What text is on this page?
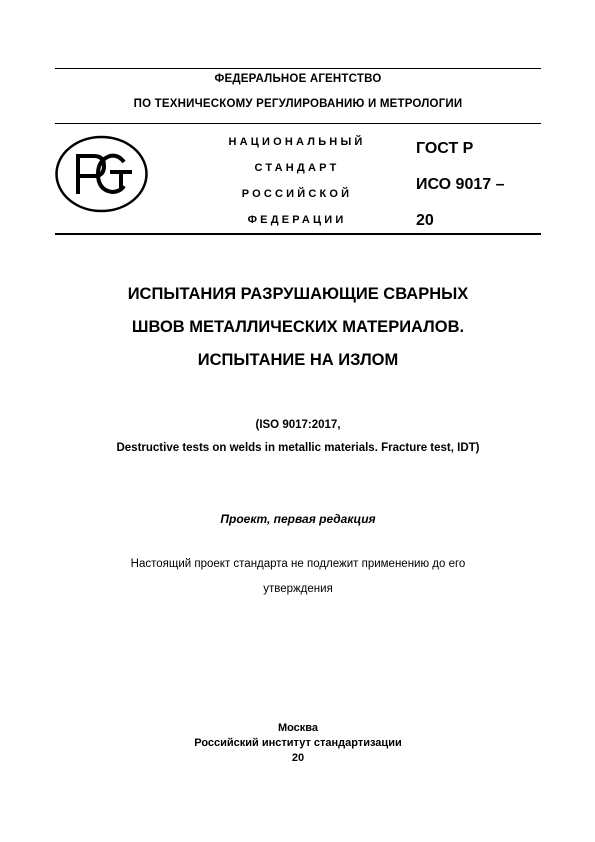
ФЕДЕРАЛЬНОЕ АГЕНТСТВО
ПО ТЕХНИЧЕСКОМУ РЕГУЛИРОВАНИЮ И МЕТРОЛОГИИ
НАЦИОНАЛЬНЫЙ
СТАНДАРТ
РОССИЙСКОЙ
ФЕДЕРАЦИИ
ГОСТ Р
ИСО 9017 –
20
ИСПЫТАНИЯ РАЗРУШАЮЩИЕ СВАРНЫХ
ШВОВ МЕТАЛЛИЧЕСКИХ МАТЕРИАЛОВ.
ИСПЫТАНИЕ НА ИЗЛОМ
(ISO 9017:2017,
Destructive tests on welds in metallic materials. Fracture test, IDT)
Проект, первая редакция
Настоящий проект стандарта не подлежит применению до его
утверждения
Москва
Российский институт стандартизации
20
